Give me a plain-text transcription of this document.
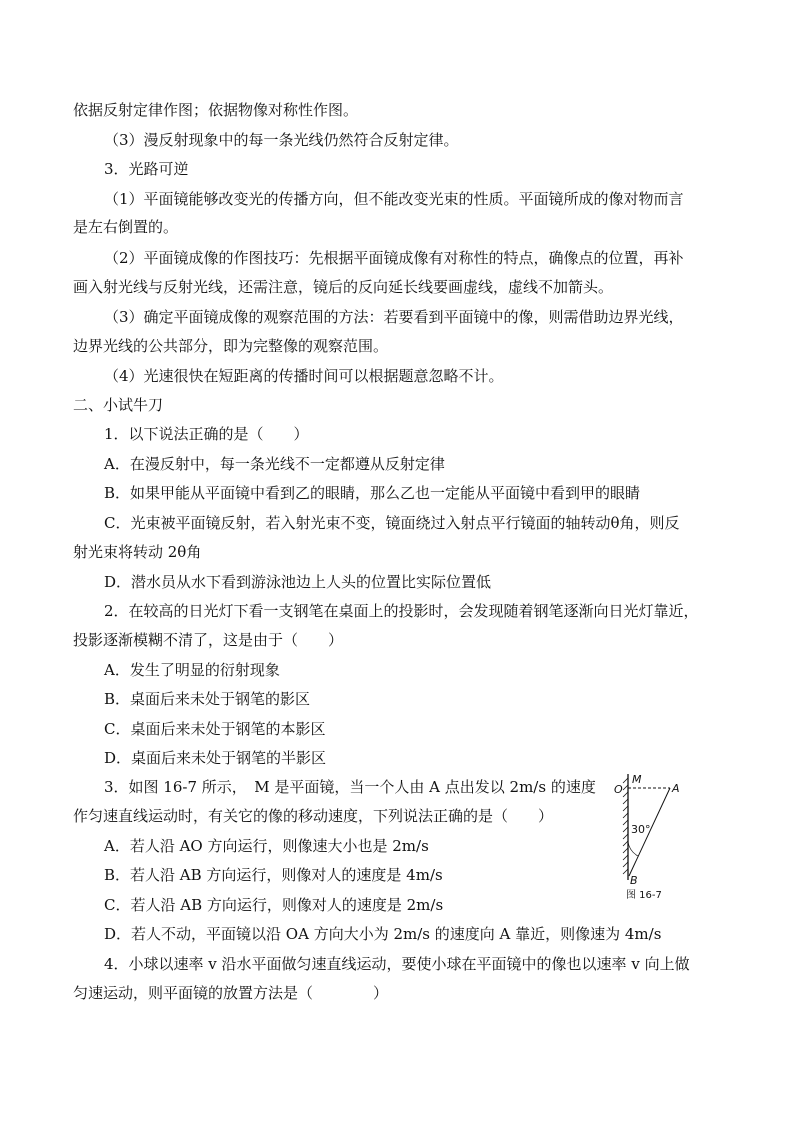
依据反射定律作图；依据物像对称性作图。
（3）漫反射现象中的每一条光线仍然符合反射定律。
3．光路可逆
（1）平面镜能够改变光的传播方向，但不能改变光束的性质。平面镜所成的像对物而言
是左右倒置的。
（2）平面镜成像的作图技巧：先根据平面镜成像有对称性的特点，确像点的位置，再补
画入射光线与反射光线，还需注意，镜后的反向延长线要画虚线，虚线不加箭头。
（3）确定平面镜成像的观察范围的方法：若要看到平面镜中的像，则需借助边界光线，
边界光线的公共部分，即为完整像的观察范围。
（4）光速很快在短距离的传播时间可以根据题意忽略不计。
二、小试牛刀
1．以下说法正确的是（　　）
A．在漫反射中，每一条光线不一定都遵从反射定律
B．如果甲能从平面镜中看到乙的眼睛，那么乙也一定能从平面镜中看到甲的眼睛
C．光束被平面镜反射，若入射光束不变，镜面绕过入射点平行镜面的轴转动θ角，则反
射光束将转动 2θ角
D．潜水员从水下看到游泳池边上人头的位置比实际位置低
2．在较高的日光灯下看一支钢笔在桌面上的投影时，会发现随着钢笔逐渐向日光灯靠近，
投影逐渐模糊不清了，这是由于（　　）
A．发生了明显的衍射现象
B．桌面后来未处于钢笔的影区
C．桌面后来未处于钢笔的本影区
D．桌面后来未处于钢笔的半影区
3．如图 16-7 所示，　M 是平面镜，当一个人由 A 点出发以 2m/s 的速度
作匀速直线运动时，有关它的像的移动速度，下列说法正确的是（　　）
A．若人沿 AO 方向运行，则像速大小也是 2m/s
B．若人沿 AB 方向运行，则像对人的速度是 4m/s
C．若人沿 AB 方向运行，则像对人的速度是 2m/s
D．若人不动，平面镜以沿 OA 方向大小为 2m/s 的速度向 A 靠近，则像速为 4m/s
4．小球以速率 v 沿水平面做匀速直线运动，要使小球在平面镜中的像也以速率 v 向上做
匀速运动，则平面镜的放置方法是（　　　　）
M
O	A
30°
B
图 16-7
